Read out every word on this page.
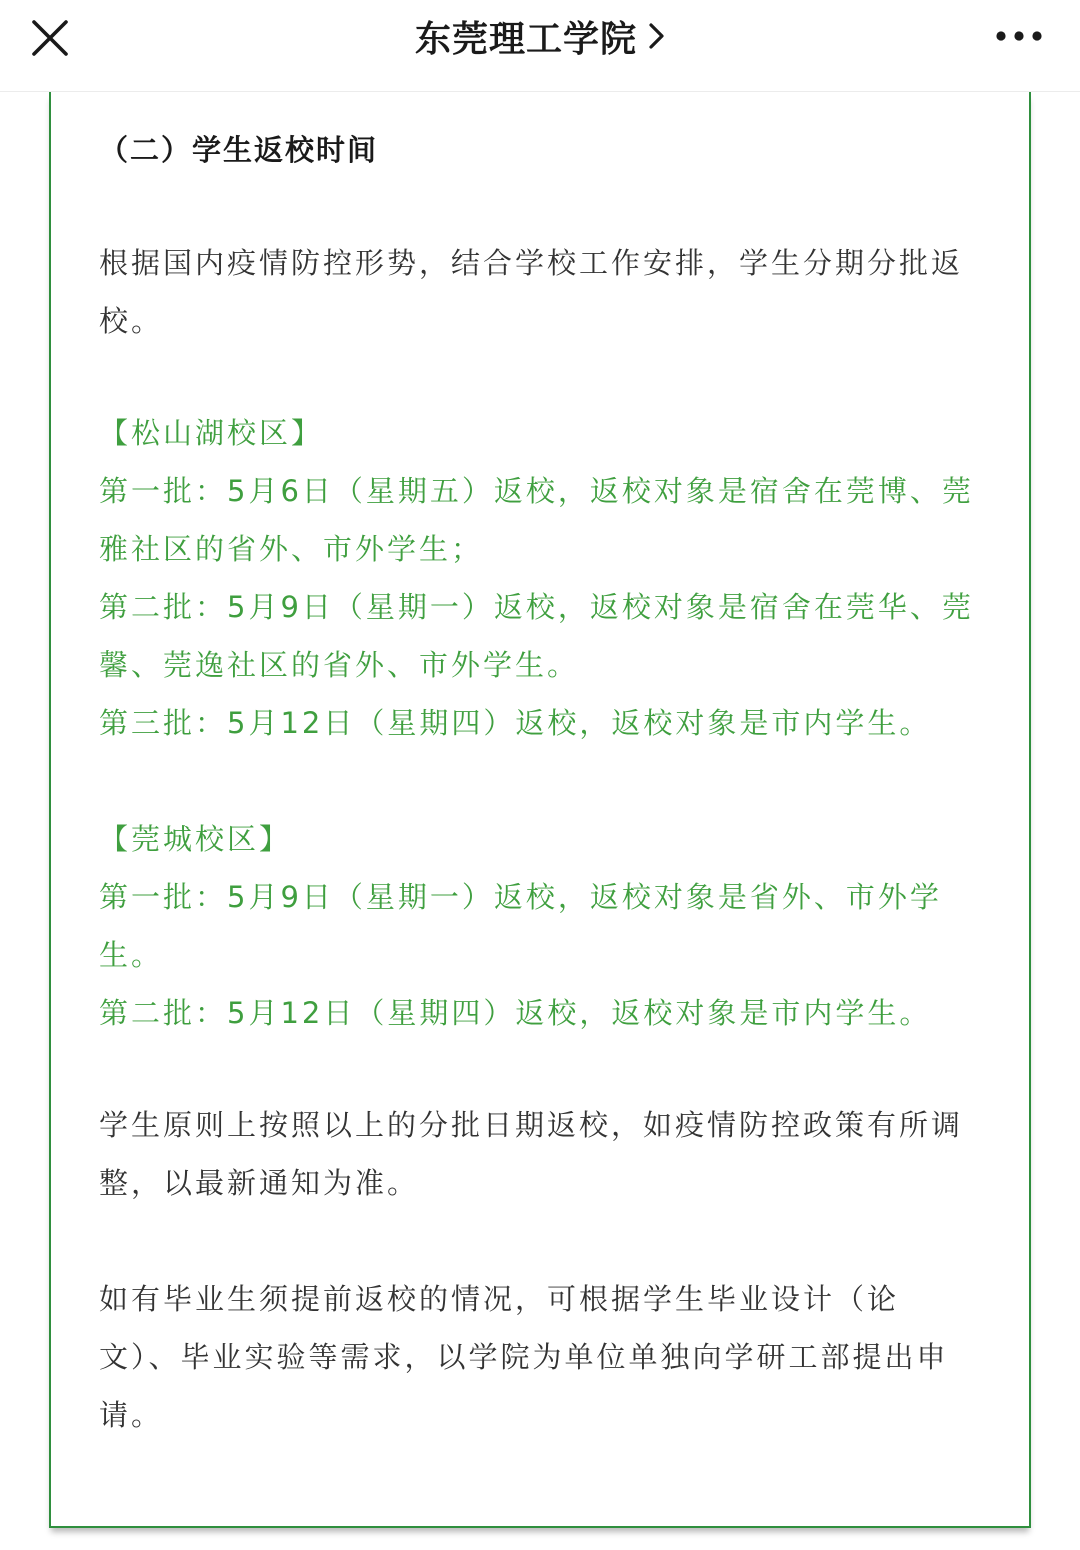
东莞理工学院
（二）学生返校时间

根据国内疫情防控形势，结合学校工作安排，学生分期分批返
校。

【松山湖校区】
第一批：5月6日（星期五）返校，返校对象是宿舍在莞博、莞
雅社区的省外、市外学生；
第二批：5月9日（星期一）返校，返校对象是宿舍在莞华、莞
馨、莞逸社区的省外、市外学生。
第三批：5月12日（星期四）返校，返校对象是市内学生。

【莞城校区】
第一批：5月9日（星期一）返校，返校对象是省外、市外学
生。
第二批：5月12日（星期四）返校，返校对象是市内学生。

学生原则上按照以上的分批日期返校，如疫情防控政策有所调
整，以最新通知为准。

如有毕业生须提前返校的情况，可根据学生毕业设计（论
文）、毕业实验等需求，以学院为单位单独向学研工部提出申
请。
